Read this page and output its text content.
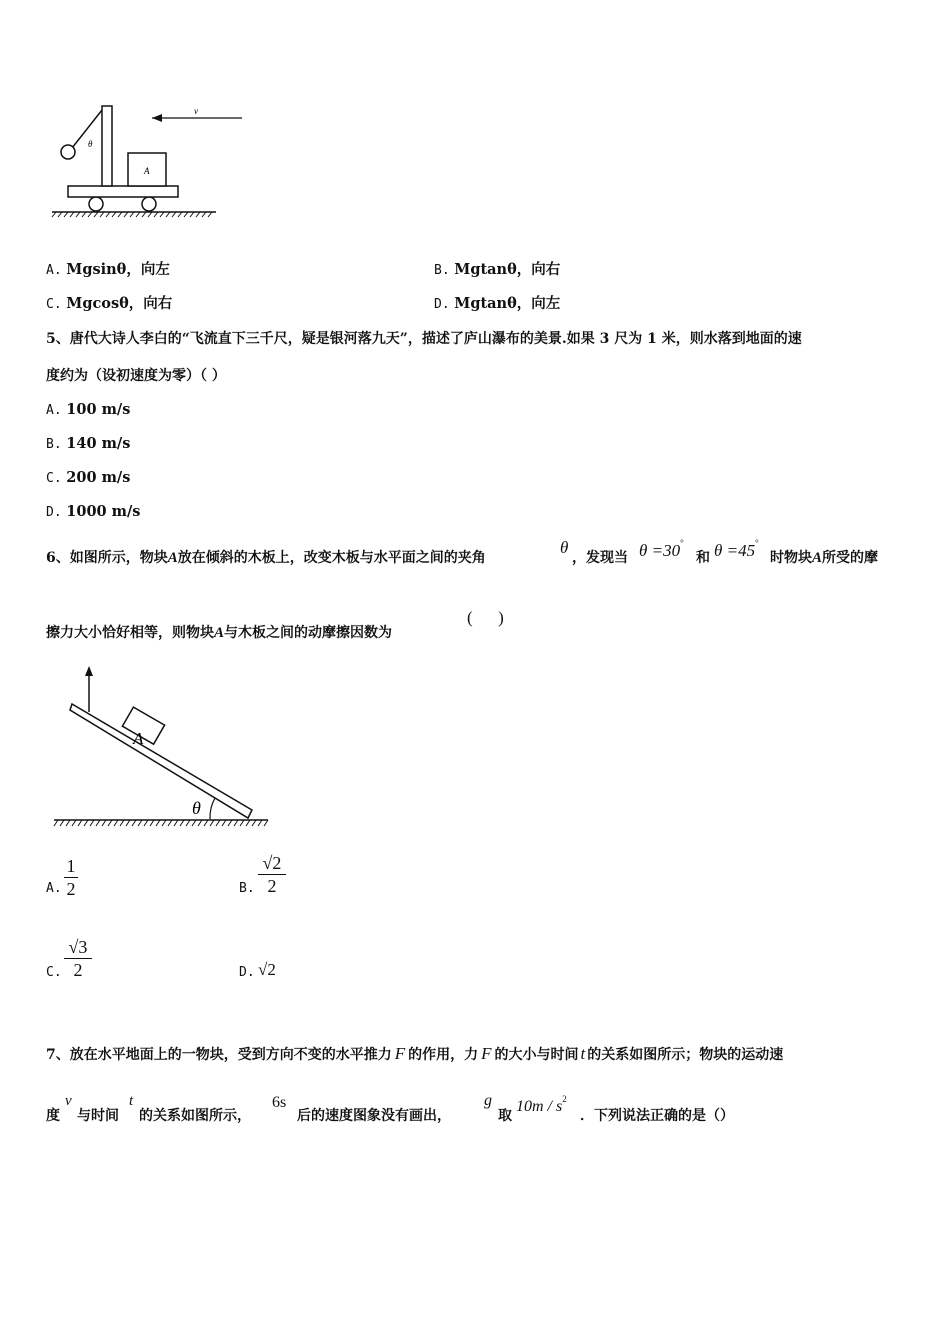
θ
A
v
A. Mgsinθ，向左	B. Mgtanθ，向右
C. Mgcosθ，向右	D. Mgtanθ，向左
5、唐代大诗人李白的“飞流直下三千尺，疑是银河落九天”，描述了庐山瀑布的美景.如果 3 尺为 1 米，则水落到地面的速
度约为（设初速度为零）（ ）
A. 100 m/s
B. 140 m/s
C. 200 m/s
D. 1000 m/s
6、如图所示，物块A放在倾斜的木板上，改变木板与水平面之间的夹角
θ
，发现当 θ =30°
和 θ =45°
时物块A所受的摩
擦力大小恰好相等，则物块A与木板之间的动摩擦因数为
(      )
A
θ
A.
1
2	B.
√2
2
C.
√3
2	D. √2
7、放在水平地面上的一物块，受到方向不变的水平推力 F 的作用，力 F 的大小与时间 t 的关系如图所示；物块的运动速
度
v
与时间
t
的关系如图所示，
6s
后的速度图象没有画出，
g
取
$10m / s^2$
．下列说法正确的是（）
